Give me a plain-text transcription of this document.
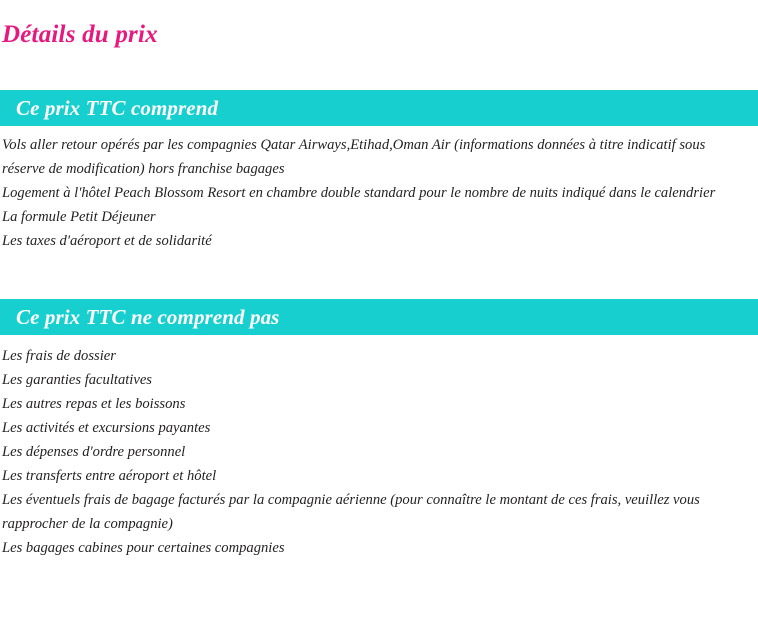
Détails du prix
Ce prix TTC comprend

Vols aller retour opérés par les compagnies Qatar Airways,Etihad,Oman Air (informations données à titre indicatif sous réserve de modification) hors franchise bagages

Logement à l'hôtel Peach Blossom Resort en chambre double standard pour le nombre de nuits indiqué dans le calendrier

La formule Petit Déjeuner

Les taxes d'aéroport et de solidarité

Ce prix TTC ne comprend pas

Les frais de dossier

Les garanties facultatives

Les autres repas et les boissons

Les activités et excursions payantes

Les dépenses d'ordre personnel

Les transferts entre aéroport et hôtel

Les éventuels frais de bagage facturés par la compagnie aérienne (pour connaître le montant de ces frais, veuillez vous rapprocher de la compagnie)

Les bagages cabines pour certaines compagnies
